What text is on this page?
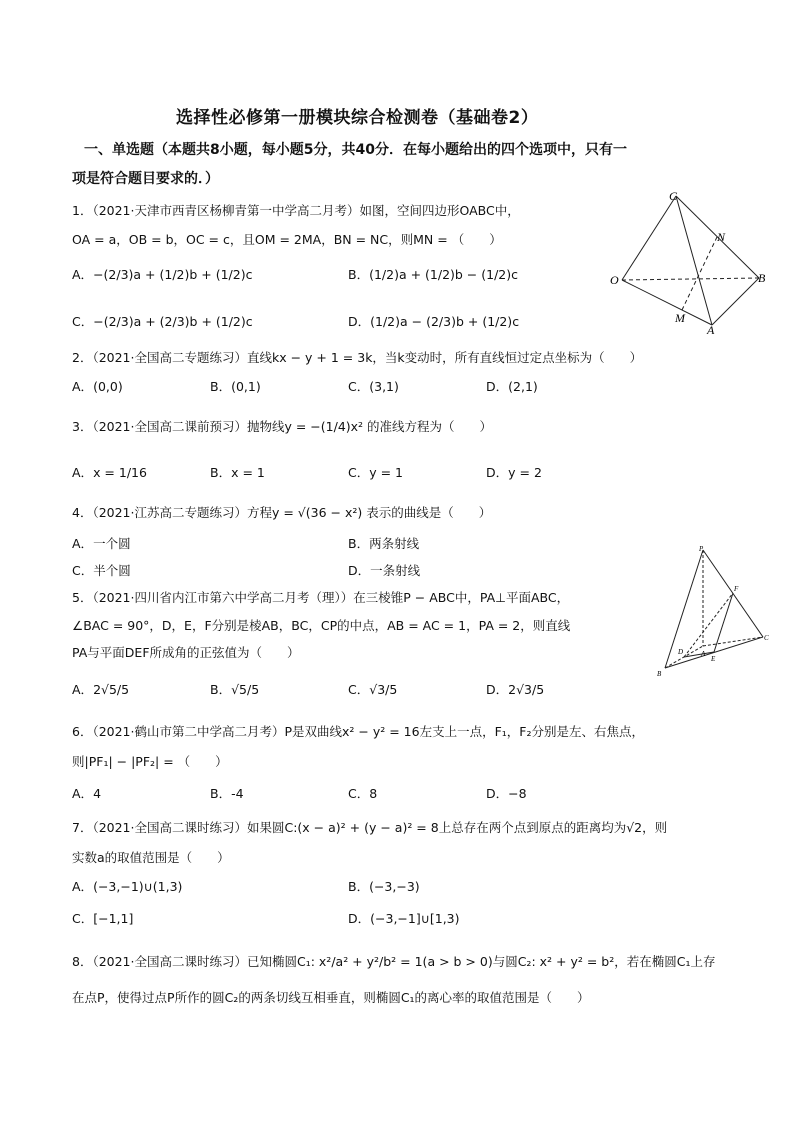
选择性必修第一册模块综合检测卷（基础卷2）
一、单选题（本题共8小题，每小题5分，共40分．在每小题给出的四个选项中，只有一
项是符合题目要求的．）
1．（2021·天津市西青区杨柳青第一中学高二月考）如图，空间四边形OABC中，
OA = a，OB = b，OC = c，且OM = 2MA，BN = NC，则MN = （　　）
A．−(2/3)a + (1/2)b + (1/2)c	B．(1/2)a + (1/2)b − (1/2)c
C．−(2/3)a + (2/3)b + (1/2)c	D．(1/2)a − (2/3)b + (1/2)c
C
N
O	B
M
A
2．（2021·全国高二专题练习）直线kx − y + 1 = 3k，当k变动时，所有直线恒过定点坐标为（　　）
A．(0,0)	B．(0,1)	C．(3,1)	D．(2,1)
3．（2021·全国高二课前预习）抛物线y = −(1/4)x² 的准线方程为（　　）
A．x = 1/16	B．x = 1	C．y = 1	D．y = 2
4．（2021·江苏高二专题练习）方程y = √(36 − x²) 表示的曲线是（　　）
A．一个圆	B．两条射线
C．半个圆	D．一条射线
P
F
D	A
E
C
B
5．（2021·四川省内江市第六中学高二月考（理））在三棱锥P − ABC中，PA⊥平面ABC，
∠BAC = 90°，D，E，F分别是棱AB，BC，CP的中点，AB = AC = 1，PA = 2，则直线
PA与平面DEF所成角的正弦值为（　　）
A．2√5/5	B．√5/5	C．√3/5	D．2√3/5
6．（2021·鹤山市第二中学高二月考）P是双曲线x² − y² = 16左支上一点，F₁，F₂分别是左、右焦点，
则|PF₁| − |PF₂| = （　　）
A．4	B．-4	C．8	D．−8
7．（2021·全国高二课时练习）如果圆C:(x − a)² + (y − a)² = 8上总存在两个点到原点的距离均为√2，则
实数a的取值范围是（　　）
A．(−3,−1)∪(1,3)	B．(−3,−3)
C．[−1,1]	D．(−3,−1]∪[1,3)
8．（2021·全国高二课时练习）已知椭圆C₁: x²/a² + y²/b² = 1(a > b > 0)与圆C₂: x² + y² = b²，若在椭圆C₁上存
在点P，使得过点P所作的圆C₂的两条切线互相垂直，则椭圆C₁的离心率的取值范围是（　　）
